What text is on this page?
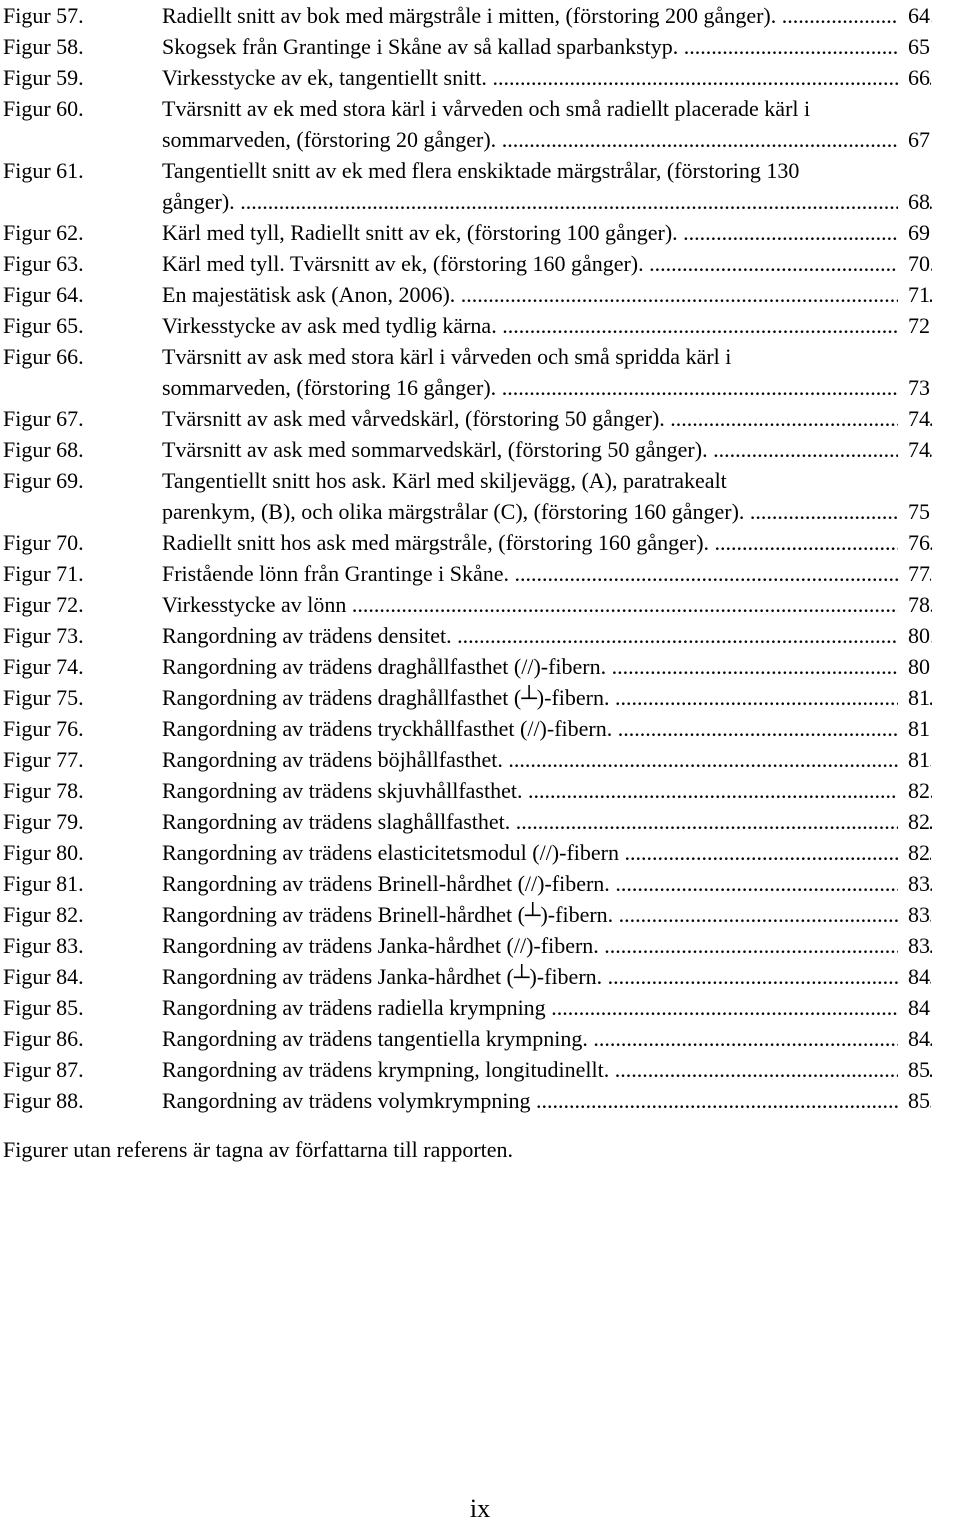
Figur 57.	Radiellt snitt av bok med märgstråle i mitten, (förstoring 200 gånger). .....	64
Figur 58.	Skogsek från Grantinge i Skåne av så kallad sparbankstyp. .....	65
Figur 59.	Virkesstycke av ek, tangentiellt snitt. .....	66
Figur 60.	Tvärsnitt av ek med stora kärl i vårveden och små radiellt placerade kärl i
sommarveden, (förstoring 20 gånger). .....	67
Figur 61.	Tangentiellt snitt av ek med flera enskiktade märgstrålar, (förstoring 130
gånger). .....	68
Figur 62.	Kärl med tyll, Radiellt snitt av ek, (förstoring 100 gånger). .....	69
Figur 63.	Kärl med tyll. Tvärsnitt av ek, (förstoring 160 gånger). .....	70
Figur 64.	En majestätisk ask (Anon, 2006). .....	71
Figur 65.	Virkesstycke av ask med tydlig kärna. .....	72
Figur 66.	Tvärsnitt av ask med stora kärl i vårveden och små spridda kärl i
sommarveden, (förstoring 16 gånger). .....	73
Figur 67.	Tvärsnitt av ask med vårvedskärl, (förstoring 50 gånger). .....	74
Figur 68.	Tvärsnitt av ask med sommarvedskärl, (förstoring 50 gånger). .....	74
Figur 69.	Tangentiellt snitt hos ask. Kärl med skiljevägg, (A), paratrakealt
parenkym, (B), och olika märgstrålar (C), (förstoring 160 gånger). .....	75
Figur 70.	Radiellt snitt hos ask med märgstråle, (förstoring 160 gånger). .....	76
Figur 71.	Fristående lönn från Grantinge i Skåne. .....	77
Figur 72.	Virkesstycke av lönn .....	78
Figur 73.	Rangordning av trädens densitet. .....	80
Figur 74.	Rangordning av trädens draghållfasthet (//)-fibern. .....	80
Figur 75.	Rangordning av trädens draghållfasthet (┴)-fibern. .....	81
Figur 76.	Rangordning av trädens tryckhållfasthet (//)-fibern. .....	81
Figur 77.	Rangordning av trädens böjhållfasthet. .....	81
Figur 78.	Rangordning av trädens skjuvhållfasthet. .....	82
Figur 79.	Rangordning av trädens slaghållfasthet. .....	82
Figur 80.	Rangordning av trädens elasticitetsmodul (//)-fibern .....	82
Figur 81.	Rangordning av trädens Brinell-hårdhet (//)-fibern. .....	83
Figur 82.	Rangordning av trädens Brinell-hårdhet (┴)-fibern. .....	83
Figur 83.	Rangordning av trädens Janka-hårdhet (//)-fibern. .....	83
Figur 84.	Rangordning av trädens Janka-hårdhet (┴)-fibern. .....	84
Figur 85.	Rangordning av trädens radiella krympning .....	84
Figur 86.	Rangordning av trädens tangentiella krympning. .....	84
Figur 87.	Rangordning av trädens krympning, longitudinellt. .....	85
Figur 88.	Rangordning av trädens volymkrympning .....	85
Figurer utan referens är tagna av författarna till rapporten.
ix
